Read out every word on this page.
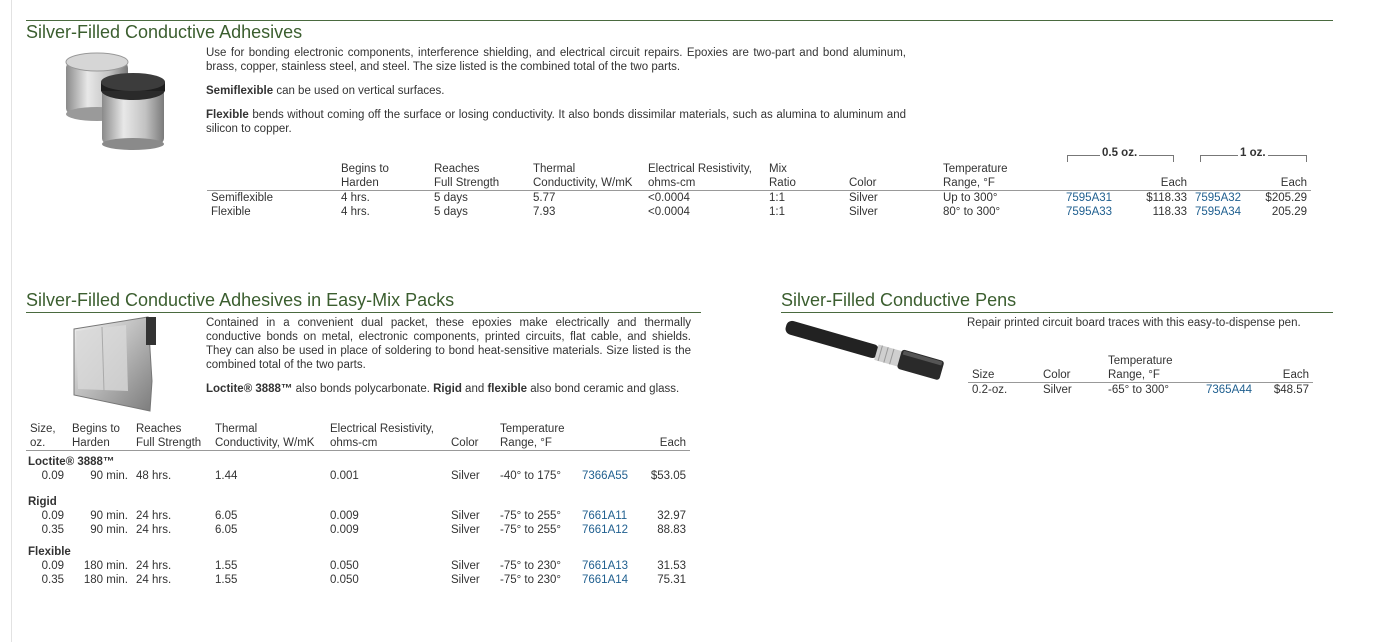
Silver-Filled Conductive Adhesives

Use for bonding electronic components, interference shielding, and electrical circuit repairs. Epoxies are two-part and bond aluminum, brass, copper, stainless steel, and steel. The size listed is the combined total of the two parts.

Semiflexible can be used on vertical surfaces.

Flexible bends without coming off the surface or losing conductivity. It also bonds dissimilar materials, such as alumina to aluminum and silicon to copper.

0.5 oz.	1 oz.
	Begins to	Reaches	Thermal	Electrical Resistivity,	Mix		Temperature				
	Harden	Full Strength	Conductivity, W/mK	ohms-cm	Ratio	Color	Range, °F		Each		Each
Semiflexible	4 hrs.	5 days	5.77	<0.0004	1:1	Silver	Up to 300°	7595A31	$118.33	7595A32	$205.29
Flexible	4 hrs.	5 days	7.93	<0.0004	1:1	Silver	80° to 300°	7595A33	118.33	7595A34	205.29
Silver-Filled Conductive Adhesives in Easy-Mix Packs

Contained in a convenient dual packet, these epoxies make electrically and thermally conductive bonds on metal, electronic components, printed circuits, flat cable, and shields. They can also be used in place of soldering to bond heat-sensitive materials. Size listed is the combined total of the two parts.

Loctite® 3888™ also bonds polycarbonate. Rigid and flexible also bond ceramic and glass.

Size,	Begins to	Reaches	Thermal	Electrical Resistivity,		Temperature		
oz.	Harden	Full Strength	Conductivity, W/mK	ohms-cm	Color	Range, °F		Each
Loctite® 3888™								
0.09	90 min.	48 hrs.	1.44	0.001	Silver	-40° to 175°	7366A55	$53.05
Rigid								
0.09	90 min.	24 hrs.	6.05	0.009	Silver	-75° to 255°	7661A11	32.97
0.35	90 min.	24 hrs.	6.05	0.009	Silver	-75° to 255°	7661A12	88.83
Flexible								
0.09	180 min.	24 hrs.	1.55	0.050	Silver	-75° to 230°	7661A13	31.53
0.35	180 min.	24 hrs.	1.55	0.050	Silver	-75° to 230°	7661A14	75.31
Silver-Filled Conductive Pens

Repair printed circuit board traces with this easy-to-dispense pen.

		Temperature		
Size	Color	Range, °F		Each
0.2-oz.	Silver	-65° to 300°	7365A44	$48.57
